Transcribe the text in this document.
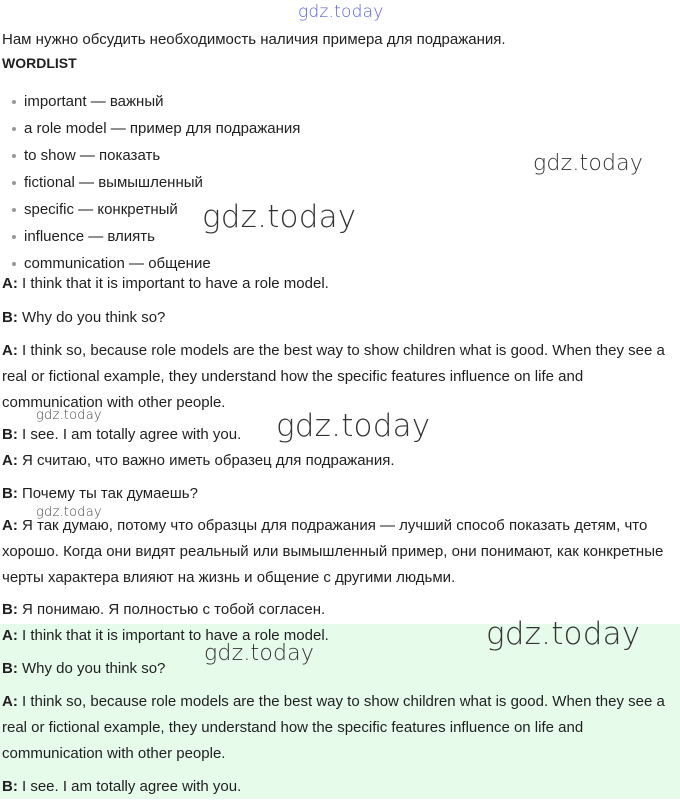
Нам нужно обсудить необходимость наличия примера для подражания.
WORDLIST
important — важный
a role model — пример для подражания
to show — показать
fictional — вымышленный
specific — конкретный
influence — влиять
communication — общение
A: I think that it is important to have a role model.
B: Why do you think so?
A: I think so, because role models are the best way to show children what is good. When they see a real or fictional example, they understand how the specific features influence on life and communication with other people.
B: I see. I am totally agree with you.
A: Я считаю, что важно иметь образец для подражания.
B: Почему ты так думаешь?
A: Я так думаю, потому что образцы для подражания — лучший способ показать детям, что хорошо. Когда они видят реальный или вымышленный пример, они понимают, как конкретные черты характера влияют на жизнь и общение с другими людьми.
B: Я понимаю. Я полностью с тобой согласен.
A: I think that it is important to have a role model.
B: Why do you think so?
A: I think so, because role models are the best way to show children what is good. When they see a real or fictional example, they understand how the specific features influence on life and communication with other people.
B: I see. I am totally agree with you.
gdz.today
gdz.today
gdz.today
gdz.today	gdz.today
gdz.today
gdz.today
gdz.today
